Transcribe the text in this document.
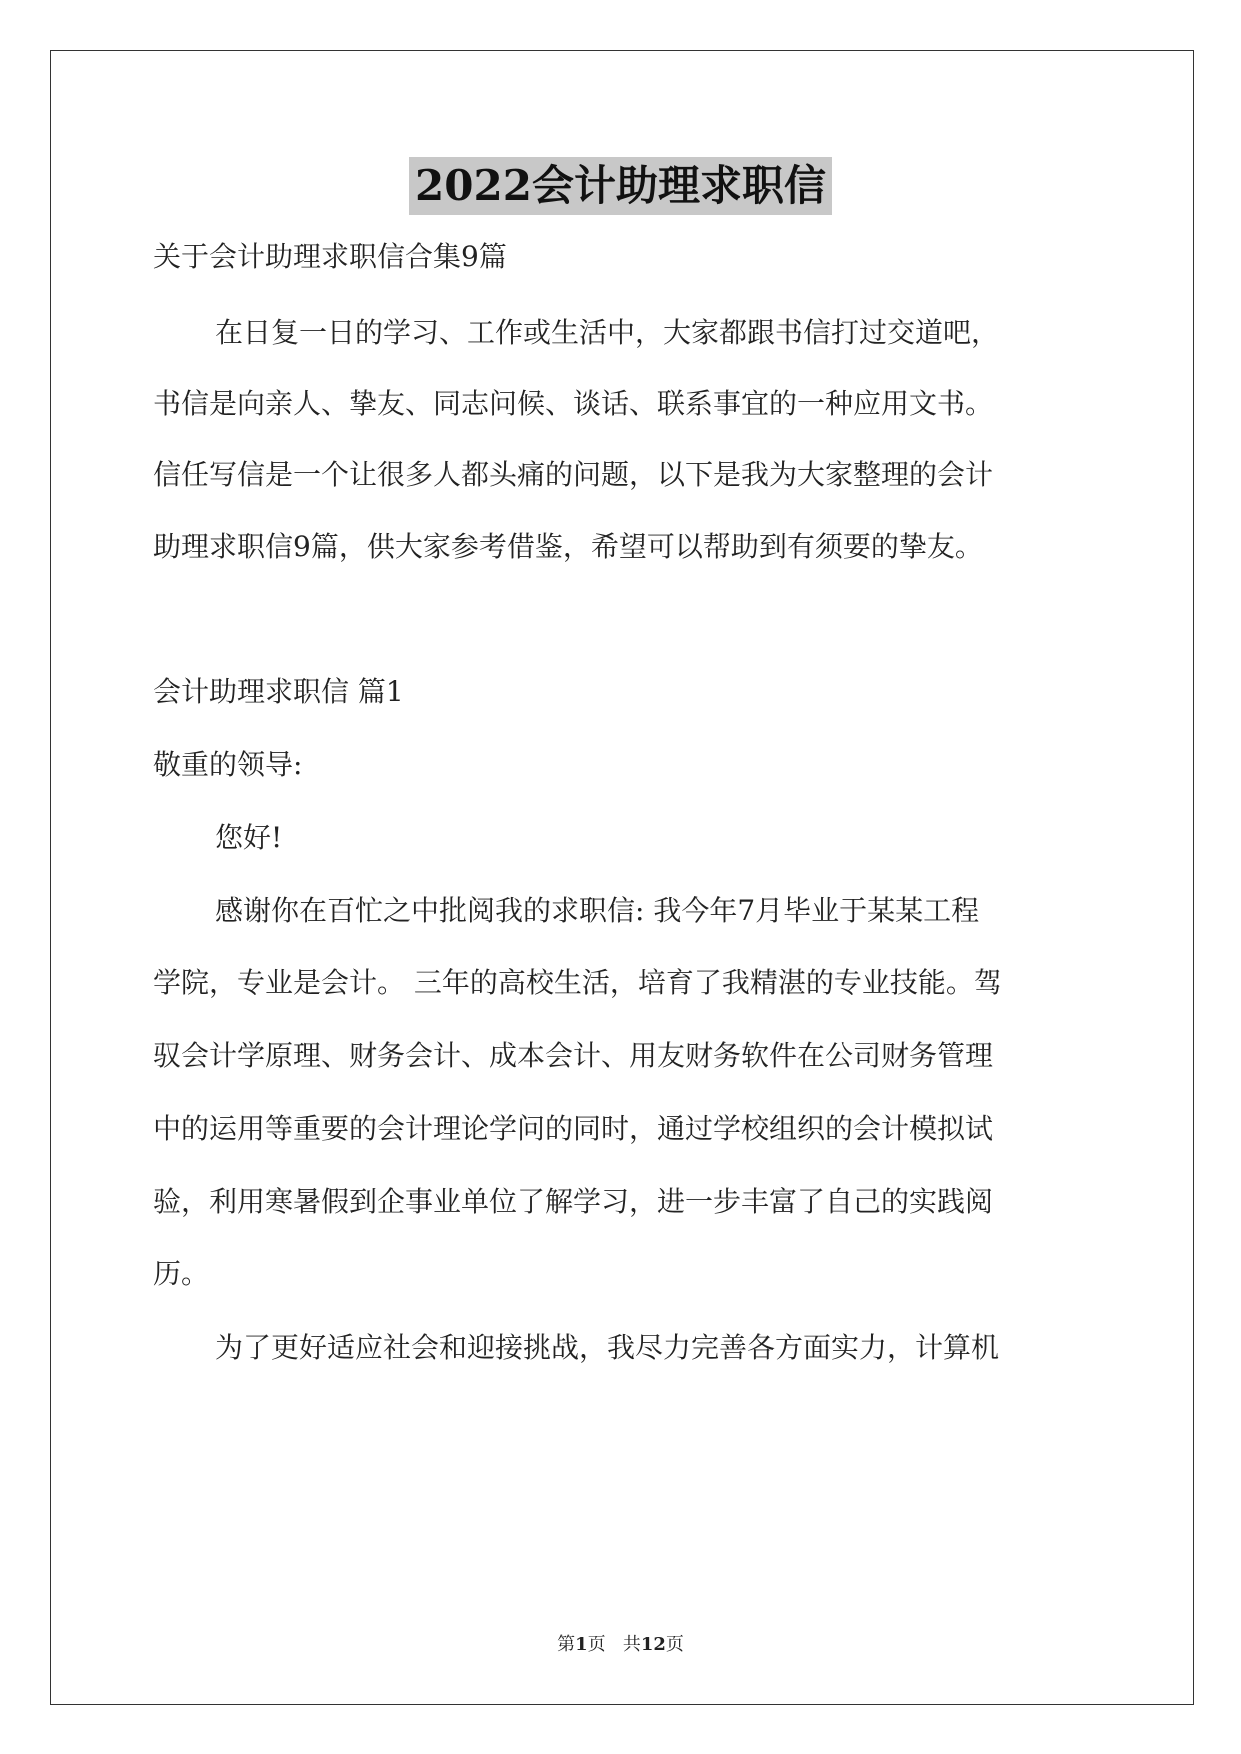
2022会计助理求职信
关于会计助理求职信合集9篇
在日复一日的学习、工作或生活中，大家都跟书信打过交道吧，
书信是向亲人、挚友、同志问候、谈话、联系事宜的一种应用文书。
信任写信是一个让很多人都头痛的问题，以下是我为大家整理的会计
助理求职信9篇，供大家参考借鉴，希望可以帮助到有须要的挚友。
会计助理求职信 篇1
敬重的领导:
您好!
感谢你在百忙之中批阅我的求职信: 我今年7月毕业于某某工程
学院，专业是会计。 三年的高校生活，培育了我精湛的专业技能。驾
驭会计学原理、财务会计、成本会计、用友财务软件在公司财务管理
中的运用等重要的会计理论学问的同时，通过学校组织的会计模拟试
验，利用寒暑假到企事业单位了解学习，进一步丰富了自己的实践阅
历。
为了更好适应社会和迎接挑战，我尽力完善各方面实力，计算机
第1页 共12页
